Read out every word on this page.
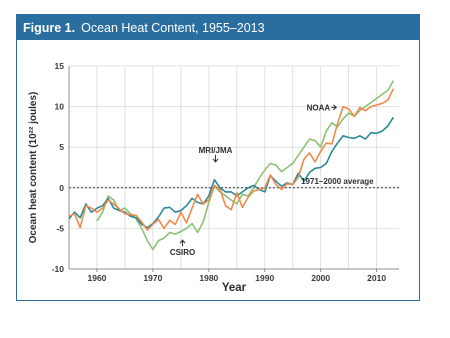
Figure 1. Ocean Heat Content, 1955–2013
-10
-5
0
5
10
15
1960	1970	1980	1990	2000	2010
Year
Ocean heat content (10²² joules)	1971–2000 average
NOAA
MRI/JMA
CSIRO
